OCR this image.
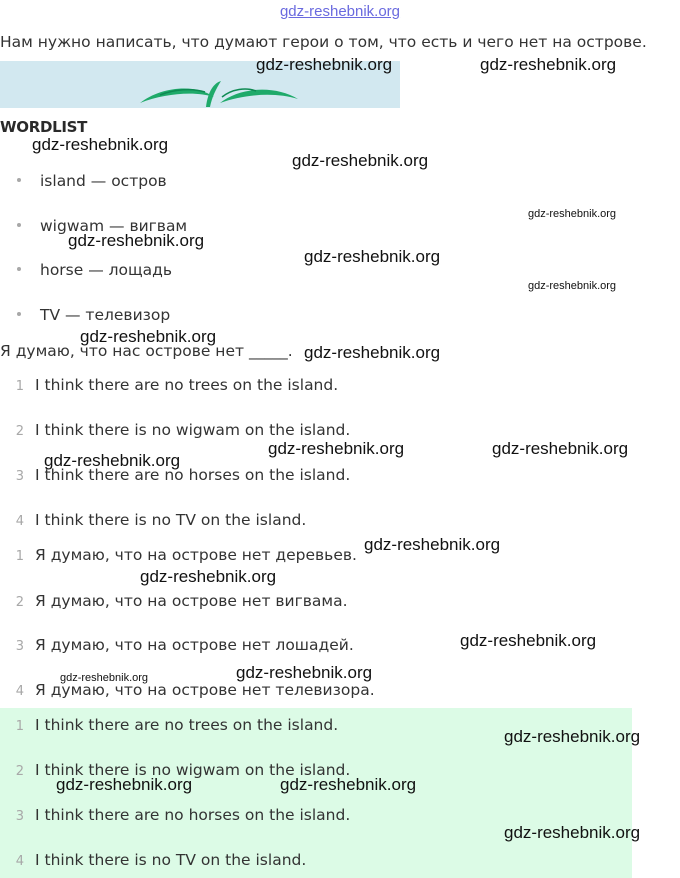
gdz-reshebnik.org
Нам нужно написать, что думают герои о том, что есть и чего нет на острове.
WORDLIST
island — остров
wigwam — вигвам
horse — лощадь
TV — телевизор
Я думаю, что нас острове нет _____.
1 I think there are no trees on the island.
2 I think there is no wigwam on the island.
3 I think there are no horses on the island.
4 I think there is no TV on the island.
1 Я думаю, что на острове нет деревьев.
2 Я думаю, что на острове нет вигвама.
3 Я думаю, что на острове нет лошадей.
4 Я думаю, что на острове нет телевизора.
1 I think there are no trees on the island.
2 I think there is no wigwam on the island.
3 I think there are no horses on the island.
4 I think there is no TV on the island.
gdz-reshebnik.org	gdz-reshebnik.org
gdz-reshebnik.org
gdz-reshebnik.org
gdz-reshebnik.org
gdz-reshebnik.org
gdz-reshebnik.org
gdz-reshebnik.org
gdz-reshebnik.org
gdz-reshebnik.org
gdz-reshebnik.org	gdz-reshebnik.org
gdz-reshebnik.org
gdz-reshebnik.org
gdz-reshebnik.org
gdz-reshebnik.org
gdz-reshebnik.org
gdz-reshebnik.org
gdz-reshebnik.org
gdz-reshebnik.org	gdz-reshebnik.org
gdz-reshebnik.org
